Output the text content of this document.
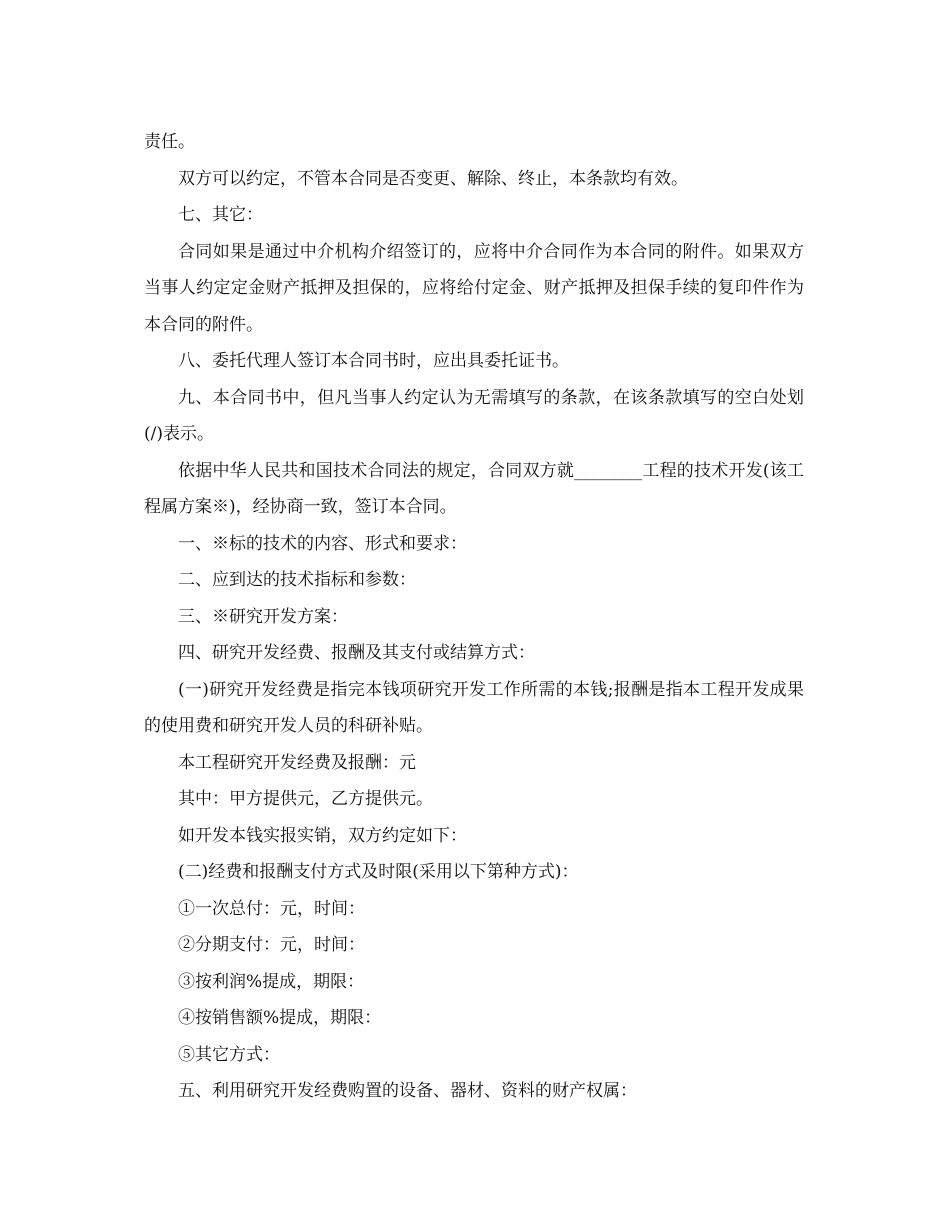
责任。

双方可以约定，不管本合同是否变更、解除、终止，本条款均有效。

七、其它：

合同如果是通过中介机构介绍签订的，应将中介合同作为本合同的附件。如果双方当事人约定定金财产抵押及担保的，应将给付定金、财产抵押及担保手续的复印件作为本合同的附件。

八、委托代理人签订本合同书时，应出具委托证书。

九、本合同书中，但凡当事人约定认为无需填写的条款，在该条款填写的空白处划(/)表示。

依据中华人民共和国技术合同法的规定，合同双方就________工程的技术开发(该工程属方案※)，经协商一致，签订本合同。

一、※标的技术的内容、形式和要求：

二、应到达的技术指标和参数：

三、※研究开发方案：

四、研究开发经费、报酬及其支付或结算方式：

(一)研究开发经费是指完本钱项研究开发工作所需的本钱;报酬是指本工程开发成果的使用费和研究开发人员的科研补贴。

本工程研究开发经费及报酬：元

其中：甲方提供元，乙方提供元。

如开发本钱实报实销，双方约定如下：

(二)经费和报酬支付方式及时限(采用以下第种方式)：

①一次总付：元，时间：

②分期支付：元，时间：

③按利润%提成，期限：

④按销售额%提成，期限：

⑤其它方式：

五、利用研究开发经费购置的设备、器材、资料的财产权属：
